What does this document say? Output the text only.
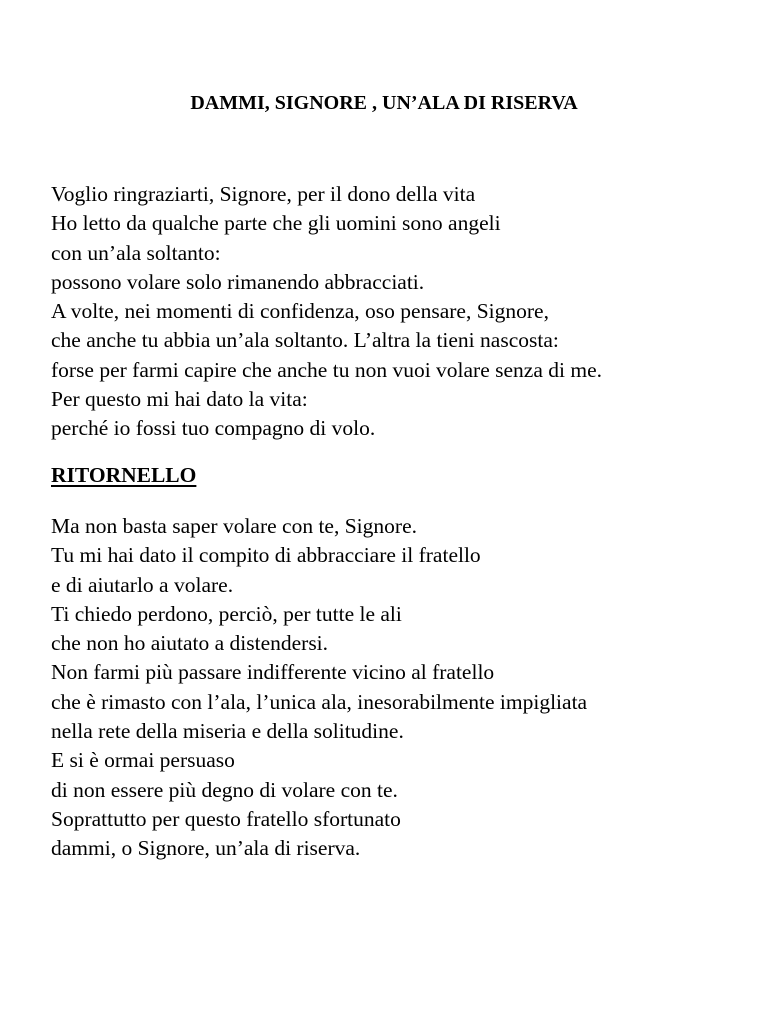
DAMMI, SIGNORE , UN’ALA DI RISERVA
Voglio ringraziarti, Signore, per il dono della vita
Ho letto da qualche parte che gli uomini sono angeli
con un’ala soltanto:
possono volare solo rimanendo abbracciati.
A volte, nei momenti di confidenza, oso pensare, Signore,
che anche tu abbia un’ala soltanto. L’altra la tieni nascosta:
forse per farmi capire che anche tu non vuoi volare senza di me.
Per questo mi hai dato la vita:
perché io fossi tuo compagno di volo.
RITORNELLO
Ma non basta saper volare con te, Signore.
Tu mi hai dato il compito di abbracciare il fratello
e di aiutarlo a volare.
Ti chiedo perdono, perciò, per tutte le ali
che non ho aiutato a distendersi.
Non farmi più passare indifferente vicino al fratello
che è rimasto con l’ala, l’unica ala, inesorabilmente impigliata
nella rete della miseria e della solitudine.
E si è ormai persuaso
di non essere più degno di volare con te.
Soprattutto per questo fratello sfortunato
dammi, o Signore, un’ala di riserva.
